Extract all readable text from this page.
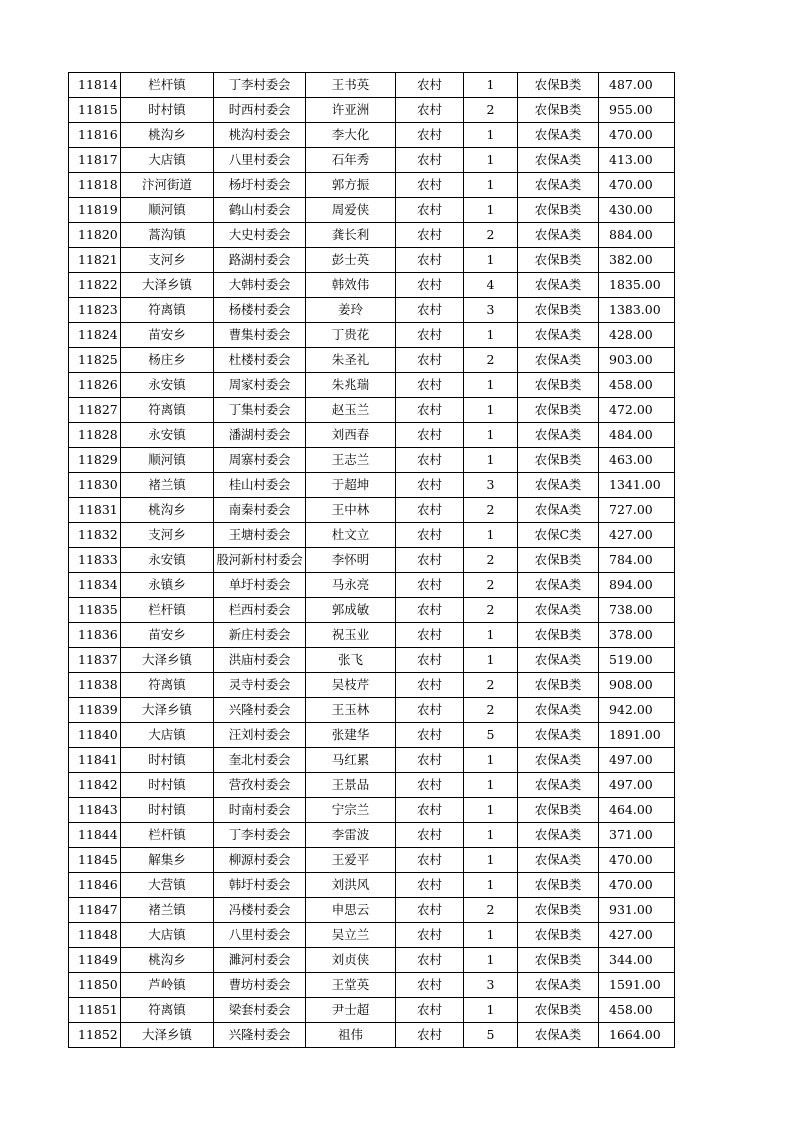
11814	栏杆镇	丁李村委会	王书英	农村	1	农保B类	487.00
11815	时村镇	时西村委会	许亚洲	农村	2	农保B类	955.00
11816	桃沟乡	桃沟村委会	李大化	农村	1	农保A类	470.00
11817	大店镇	八里村委会	石年秀	农村	1	农保A类	413.00
11818	汴河街道	杨圩村委会	郭方振	农村	1	农保A类	470.00
11819	顺河镇	鹤山村委会	周爱侠	农村	1	农保B类	430.00
11820	蒿沟镇	大史村委会	龚长利	农村	2	农保A类	884.00
11821	支河乡	路湖村委会	彭士英	农村	1	农保B类	382.00
11822	大泽乡镇	大韩村委会	韩效伟	农村	4	农保A类	1835.00
11823	符离镇	杨楼村委会	姜玲	农村	3	农保B类	1383.00
11824	苗安乡	曹集村委会	丁贵花	农村	1	农保A类	428.00
11825	杨庄乡	杜楼村委会	朱圣礼	农村	2	农保A类	903.00
11826	永安镇	周家村委会	朱兆瑞	农村	1	农保B类	458.00
11827	符离镇	丁集村委会	赵玉兰	农村	1	农保B类	472.00
11828	永安镇	潘湖村委会	刘西春	农村	1	农保A类	484.00
11829	顺河镇	周寨村委会	王志兰	农村	1	农保B类	463.00
11830	褚兰镇	桂山村委会	于超坤	农村	3	农保A类	1341.00
11831	桃沟乡	南秦村委会	王中林	农村	2	农保A类	727.00
11832	支河乡	王塘村委会	杜文立	农村	1	农保C类	427.00
11833	永安镇	股河新村村委会	李怀明	农村	2	农保B类	784.00
11834	永镇乡	单圩村委会	马永亮	农村	2	农保A类	894.00
11835	栏杆镇	栏西村委会	郭成敏	农村	2	农保A类	738.00
11836	苗安乡	新庄村委会	祝玉业	农村	1	农保B类	378.00
11837	大泽乡镇	洪庙村委会	张飞	农村	1	农保A类	519.00
11838	符离镇	灵寺村委会	吴枝芹	农村	2	农保B类	908.00
11839	大泽乡镇	兴隆村委会	王玉林	农村	2	农保A类	942.00
11840	大店镇	汪刘村委会	张建华	农村	5	农保A类	1891.00
11841	时村镇	奎北村委会	马红累	农村	1	农保A类	497.00
11842	时村镇	营孜村委会	王景品	农村	1	农保A类	497.00
11843	时村镇	时南村委会	宁宗兰	农村	1	农保B类	464.00
11844	栏杆镇	丁李村委会	李雷波	农村	1	农保A类	371.00
11845	解集乡	柳源村委会	王爱平	农村	1	农保A类	470.00
11846	大营镇	韩圩村委会	刘洪风	农村	1	农保B类	470.00
11847	褚兰镇	冯楼村委会	申思云	农村	2	农保B类	931.00
11848	大店镇	八里村委会	吴立兰	农村	1	农保B类	427.00
11849	桃沟乡	濉河村委会	刘贞侠	农村	1	农保B类	344.00
11850	芦岭镇	曹坊村委会	王堂英	农村	3	农保A类	1591.00
11851	符离镇	梁套村委会	尹士超	农村	1	农保B类	458.00
11852	大泽乡镇	兴隆村委会	祖伟	农村	5	农保A类	1664.00
